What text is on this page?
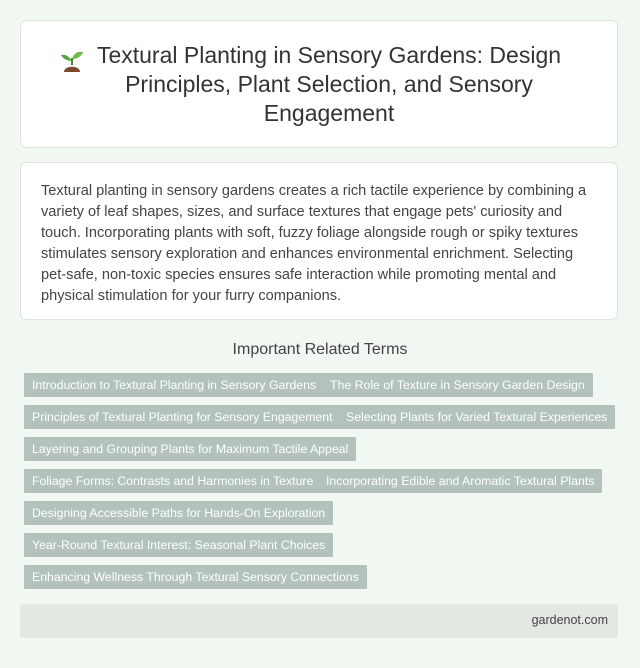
Textural Planting in Sensory Gardens: Design Principles, Plant Selection, and Sensory Engagement

Textural planting in sensory gardens creates a rich tactile experience by combining a variety of leaf shapes, sizes, and surface textures that engage pets' curiosity and touch. Incorporating plants with soft, fuzzy foliage alongside rough or spiky textures stimulates sensory exploration and enhances environmental enrichment. Selecting pet-safe, non-toxic species ensures safe interaction while promoting mental and physical stimulation for your furry companions.

Important Related Terms
Introduction to Textural Planting in Sensory Gardens	The Role of Texture in Sensory Garden Design
Principles of Textural Planting for Sensory Engagement	Selecting Plants for Varied Textural Experiences
Layering and Grouping Plants for Maximum Tactile Appeal
Foliage Forms: Contrasts and Harmonies in Texture	Incorporating Edible and Aromatic Textural Plants
Designing Accessible Paths for Hands-On Exploration
Year-Round Textural Interest: Seasonal Plant Choices
Enhancing Wellness Through Textural Sensory Connections
gardenot.com
